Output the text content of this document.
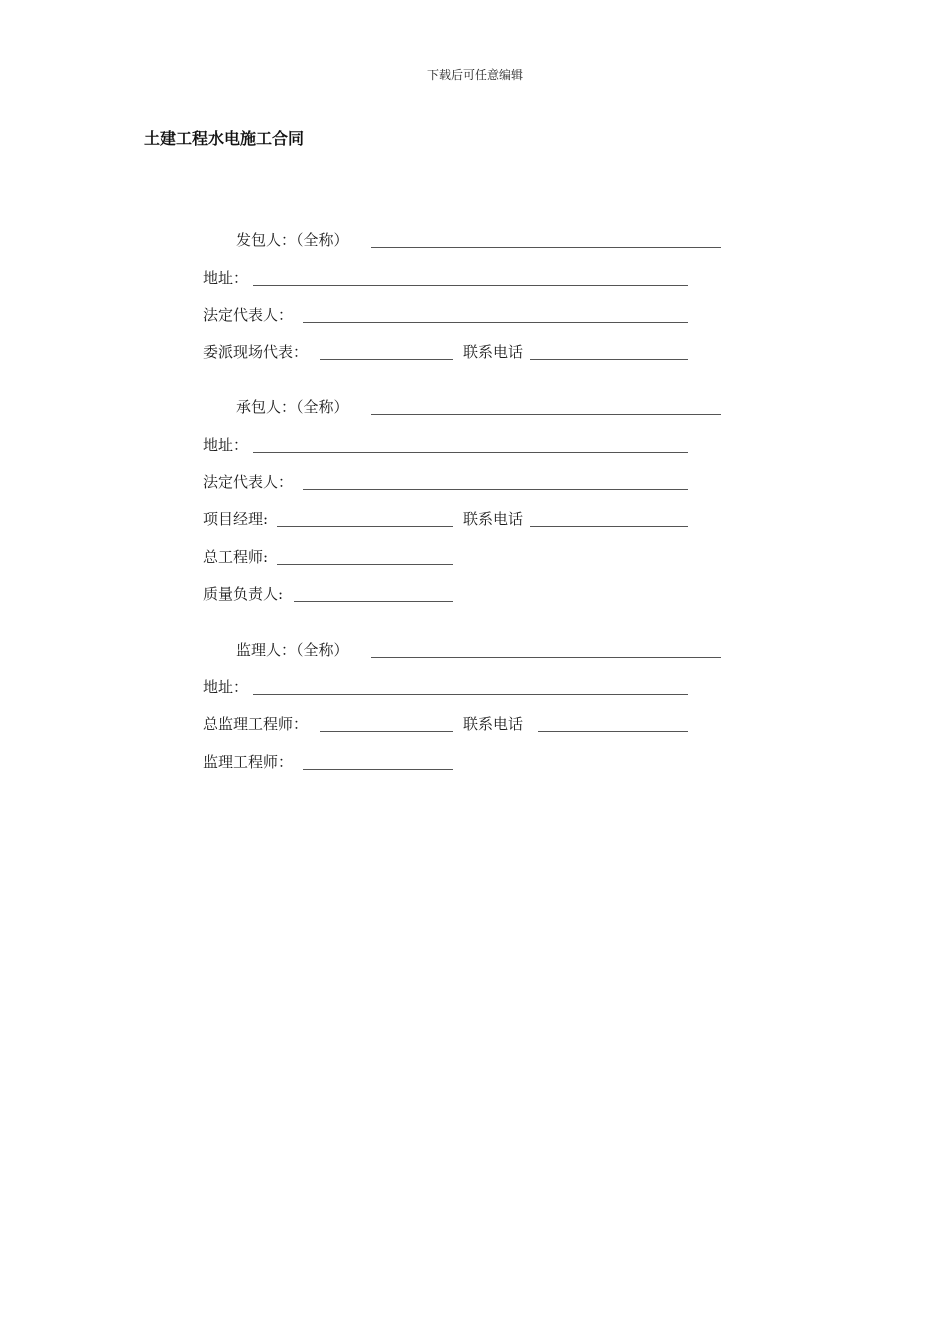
下载后可任意编辑
土建工程水电施工合同
发包人：（全称）
地址：
法定代表人：
委派现场代表：	联系电话
承包人：（全称）
地址：
法定代表人：
项目经理:	联系电话
总工程师:
质量负责人:
监理人：（全称）
地址：
总监理工程师：	联系电话
监理工程师：
